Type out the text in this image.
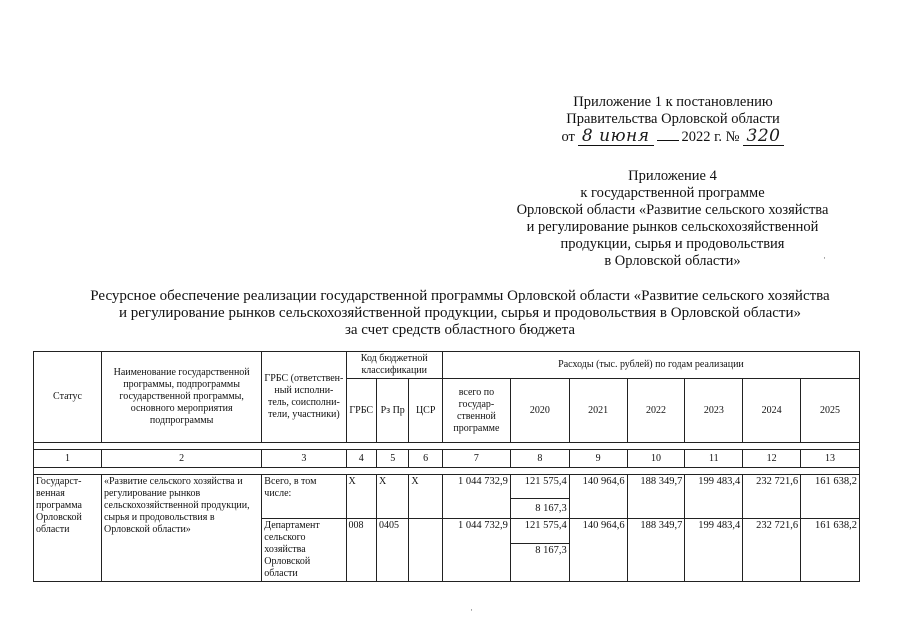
Приложение 1 к постановлению
Правительства Орловской области
от 8 июня 2022 г. № 320
Приложение 4
к государственной программе
Орловской области «Развитие сельского хозяйства
и регулирование рынков сельскохозяйственной
продукции, сырья и продовольствия
в Орловской области»
Ресурсное обеспечение реализации государственной программы Орловской области «Развитие сельского хозяйства
и регулирование рынков сельскохозяйственной продукции, сырья и продовольствия в Орловской области»
за счет средств областного бюджета
Статус	Наименование государственной программы, подпрограммы государственной программы, основного мероприятия подпрограммы	ГРБС (ответствен-ный исполни-тель, соисполни-тели, участники)	Код бюджетной классификации			Расходы (тыс. рублей) по годам реализации						
			ГРБС	Рз Пр	ЦСР	всего по государ-ственной программе	2020	2021	2022	2023	2024	2025

1	2	3	4	5	6	7	8	9	10	11	12	13

Государст-венная программа Орловской области	«Развитие сельского хозяйства и регулирование рынков сельскохозяйственной продукции, сырья и продовольствия в Орловской области»	Всего, в том числе:	Х	Х	Х	1 044 732,9	121 575,4	140 964,6	188 349,7	199 483,4	232 721,6	161 638,2
							8 167,3					
		Департамент сельского хозяйства Орловской области	008	0405		1 044 732,9	121 575,4	140 964,6	188 349,7	199 483,4	232 721,6	161 638,2
							8 167,3					
·
·
